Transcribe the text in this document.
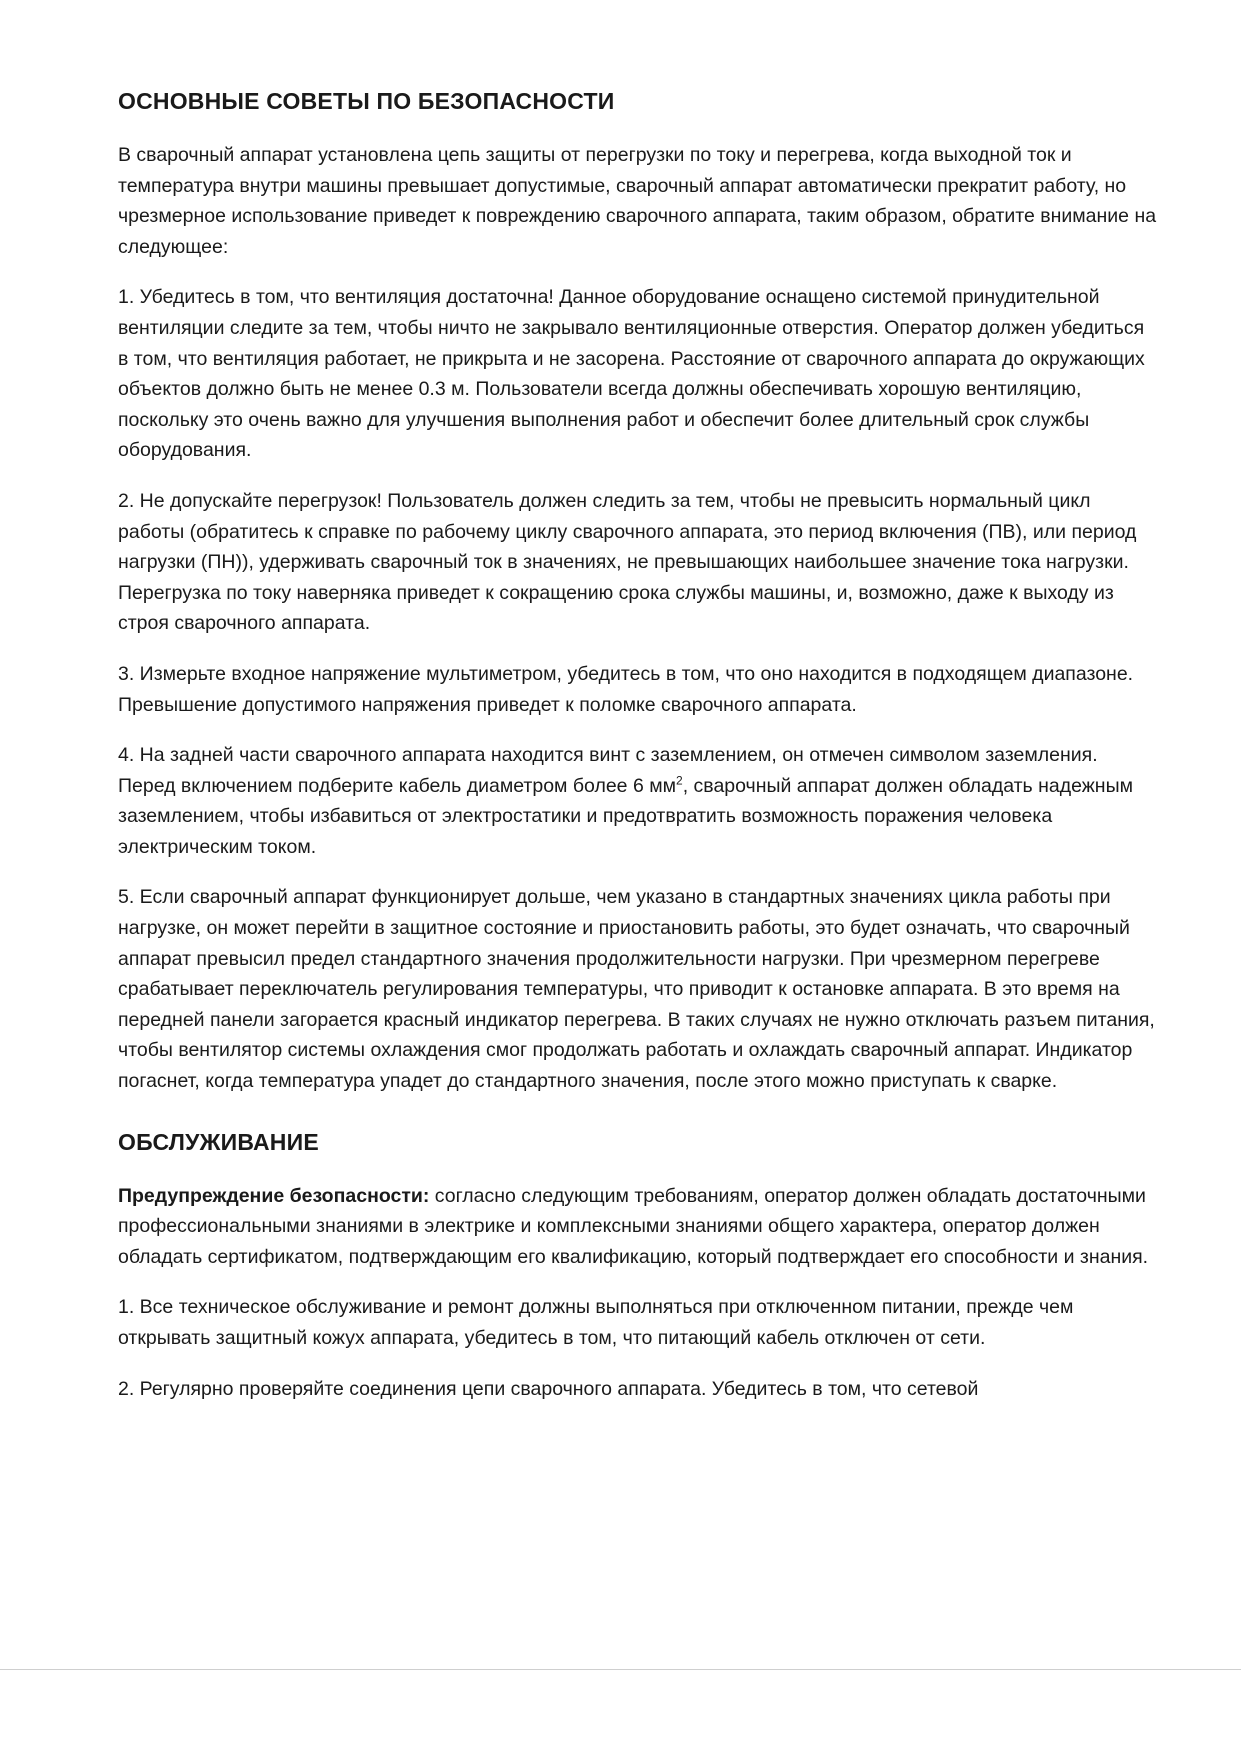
ОСНОВНЫЕ СОВЕТЫ ПО БЕЗОПАСНОСТИ

В сварочный аппарат установлена цепь защиты от перегрузки по току и перегрева, когда выходной ток и температура внутри машины превышает допустимые, сварочный аппарат автоматически прекратит работу, но чрезмерное использование приведет к повреждению сварочного аппарата, таким образом, обратите внимание на следующее:

1. Убедитесь в том, что вентиляция достаточна! Данное оборудование оснащено системой принудительной вентиляции следите за тем, чтобы ничто не закрывало вентиляционные отверстия. Оператор должен убедиться в том, что вентиляция работает, не прикрыта и не засорена. Расстояние от сварочного аппарата до окружающих объектов должно быть не менее 0.3 м. Пользователи всегда должны обеспечивать хорошую вентиляцию, поскольку это очень важно для улучшения выполнения работ и обеспечит более длительный срок службы оборудования.

2. Не допускайте перегрузок! Пользователь должен следить за тем, чтобы не превысить нормальный цикл работы (обратитесь к справке по рабочему циклу сварочного аппарата, это период включения (ПВ), или период нагрузки (ПН)), удерживать сварочный ток в значениях, не превышающих наибольшее значение тока нагрузки. Перегрузка по току наверняка приведет к сокращению срока службы машины, и, возможно, даже к выходу из строя сварочного аппарата.

3. Измерьте входное напряжение мультиметром, убедитесь в том, что оно находится в подходящем диапазоне. Превышение допустимого напряжения приведет к поломке сварочного аппарата.

4. На задней части сварочного аппарата находится винт с заземлением, он отмечен символом заземления. Перед включением подберите кабель диаметром более 6 $мм^2$, сварочный аппарат должен обладать надежным заземлением, чтобы избавиться от электростатики и предотвратить возможность поражения человека электрическим током.

5. Если сварочный аппарат функционирует дольше, чем указано в стандартных значениях цикла работы при нагрузке, он может перейти в защитное состояние и приостановить работы, это будет означать, что сварочный аппарат превысил предел стандартного значения продолжительности нагрузки. При чрезмерном перегреве срабатывает переключатель регулирования температуры, что приводит к остановке аппарата. В это время на передней панели загорается красный индикатор перегрева. В таких случаях не нужно отключать разъем питания, чтобы вентилятор системы охлаждения смог продолжать работать и охлаждать сварочный аппарат. Индикатор погаснет, когда температура упадет до стандартного значения, после этого можно приступать к сварке.

ОБСЛУЖИВАНИЕ

Предупреждение безопасности: согласно следующим требованиям, оператор должен обладать достаточными профессиональными знаниями в электрике и комплексными знаниями общего характера, оператор должен обладать сертификатом, подтверждающим его квалификацию, который подтверждает его способности и знания.

1. Все техническое обслуживание и ремонт должны выполняться при отключенном питании, прежде чем открывать защитный кожух аппарата, убедитесь в том, что питающий кабель отключен от сети.

2. Регулярно проверяйте соединения цепи сварочного аппарата. Убедитесь в том, что сетевой
